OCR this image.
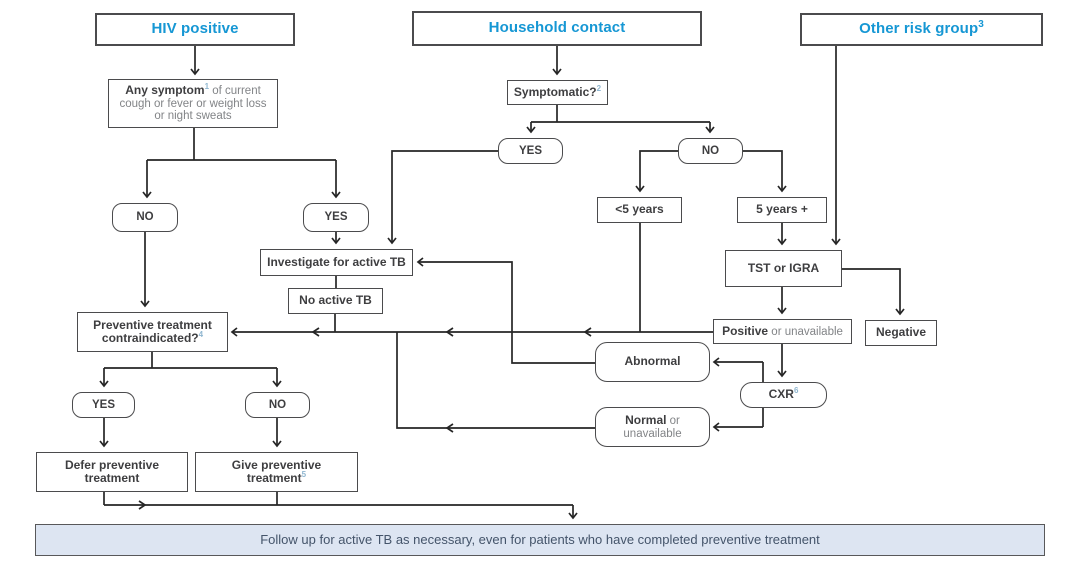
HIV positive	Household contact	Other risk group$^3$
Any symptom$^1$ of current
cough or fever or weight loss
or night sweats
NO	YES
Symptomatic?$^2$
YES	NO
<5 years	5 years +
Investigate for active TB
No active TB
TST or IGRA
Positive or unavailable	Negative
Abnormal
CXR$^6$
Normal or
unavailable
Preventive treatment
contraindicated?$^4$
YES	NO
Defer preventive
treatment
Give preventive
treatment$^5$
Follow up for active TB as necessary, even for patients who have completed preventive treatment
